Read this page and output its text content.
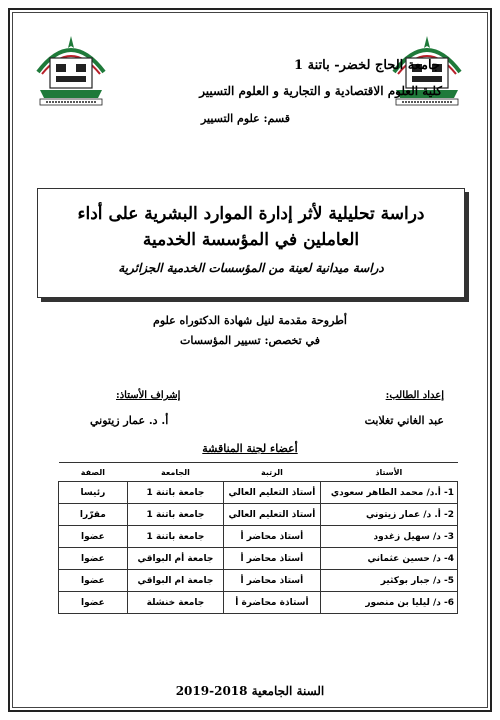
جامعة الحاج لخضر- باتنة 1
كلية العلوم الاقتصادية و التجارية و العلوم التسيير
قسم: علوم التسيير
دراسة تحليلية لأثر إدارة الموارد البشرية على أداء العاملين في المؤسسة الخدمية
دراسة ميدانية لعينة من المؤسسات الخدمية الجزائرية
أطروحة مقدمة لنيل شهادة الدكتوراه علوم
في تخصص: تسيير المؤسسات
إعداد الطالب:
إشراف الأستاذ:
عبد الغاني تغلابت
أ. د. عمار زيتوني
أعضاء لجنة المناقشة
الأستاذ	الرتبة	الجامعة	الصفة
1- أ.د/ محمد الطاهر سعودي	أستاذ التعليم العالي	جامعة باتنة 1	رئيسا
2- أ. د/ عمار زيتوني	أستاذ التعليم العالي	جامعة باتنة 1	مقرّرا
3- د/ سهيل زغدود	أستاذ محاضر أ	جامعة باتنة 1	عضوا
4- د/ حسين عثماني	أستاذ محاضر أ	جامعة أم البواقي	عضوا
5- د/ جبار بوكثير	أستاذ محاضر أ	جامعة ام البواقي	عضوا
6- د/ ليليا بن منصور	أستاذة محاضرة أ	جامعة خنشلة	عضوا
السنة الجامعية 2018-2019
